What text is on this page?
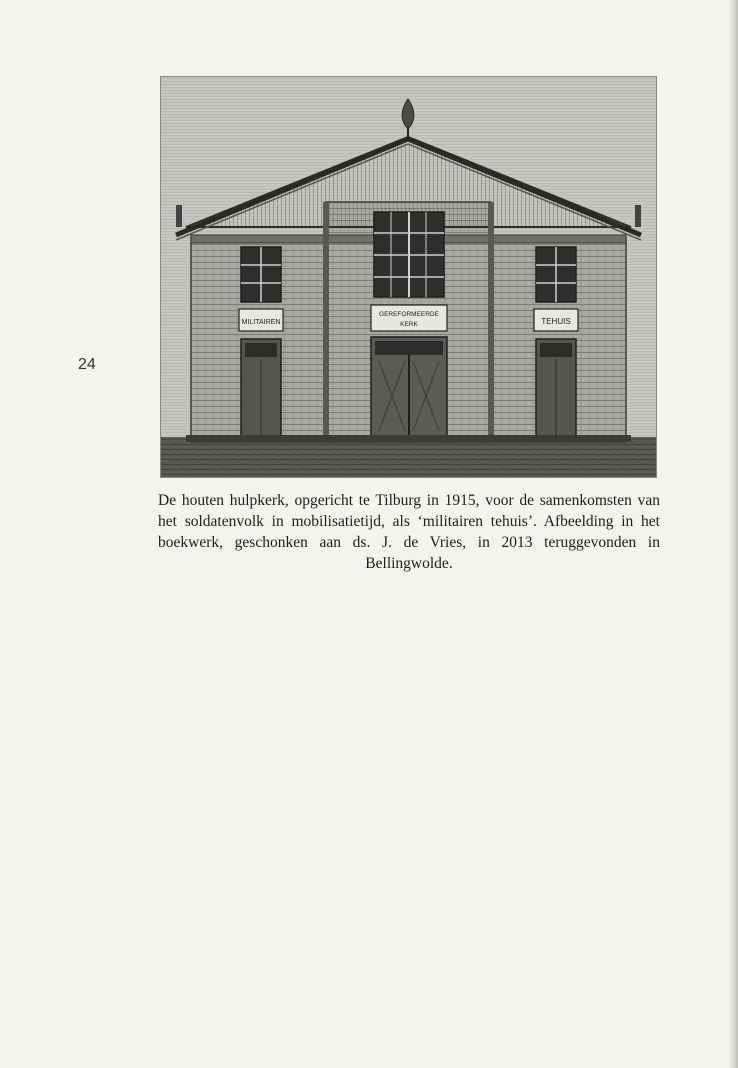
24
MILITAIREN	TEHUIS
GEREFORMEERDE
KERK
De houten hulpkerk, opgericht te Tilburg in 1915, voor de samenkomsten van het soldatenvolk in mobilisatietijd, als ‘militairen tehuis’. Afbeelding in het boekwerk, geschonken aan ds. J. de Vries, in 2013 teruggevonden in Bellingwolde.
